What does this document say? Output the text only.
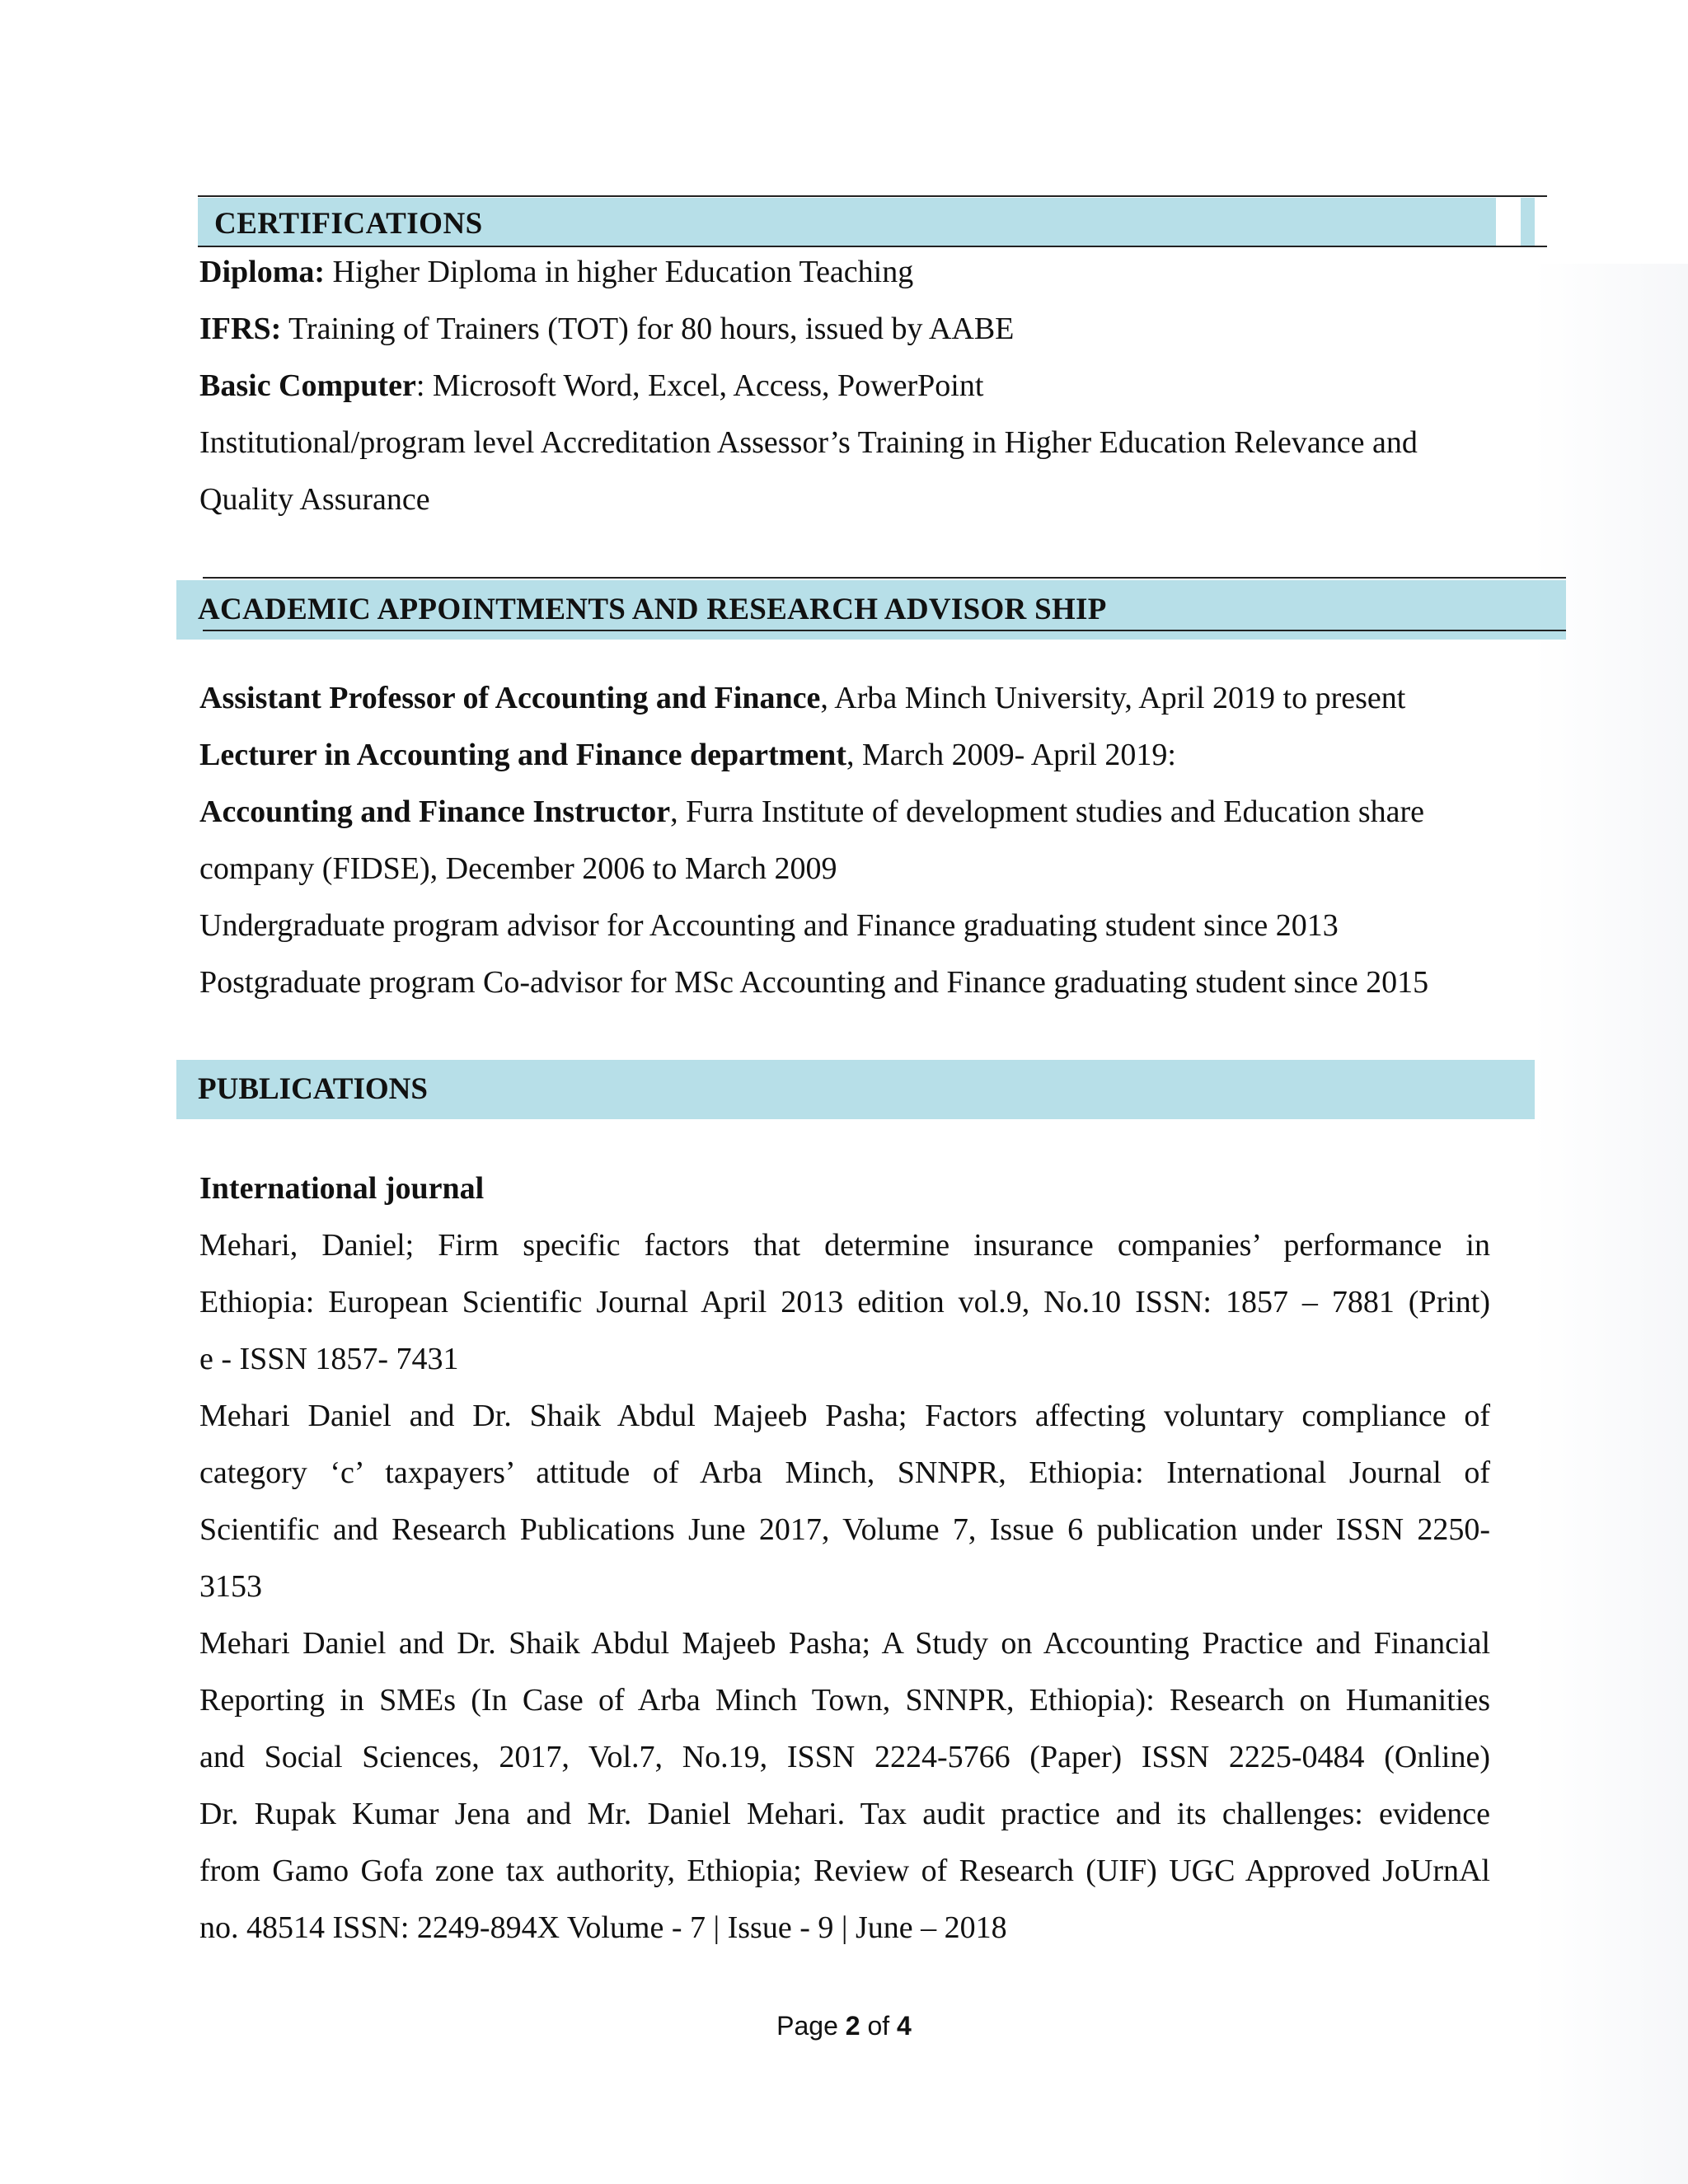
CERTIFICATIONS
Diploma: Higher Diploma in higher Education Teaching
IFRS: Training of Trainers (TOT) for 80 hours, issued by AABE
Basic Computer: Microsoft Word, Excel, Access, PowerPoint
Institutional/program level Accreditation Assessor’s Training in Higher Education Relevance and
Quality Assurance
ACADEMIC APPOINTMENTS AND RESEARCH ADVISOR SHIP
Assistant Professor of Accounting and Finance, Arba Minch University, April 2019 to present
Lecturer in Accounting and Finance department, March 2009- April 2019:
Accounting and Finance Instructor, Furra Institute of development studies and Education share
company (FIDSE), December 2006 to March 2009
Undergraduate program advisor for Accounting and Finance graduating student since 2013
Postgraduate program Co-advisor for MSc Accounting and Finance graduating student since 2015
PUBLICATIONS
International journal
Mehari, Daniel; Firm specific factors that determine insurance companies’ performance in
Ethiopia: European Scientific Journal April 2013 edition vol.9, No.10 ISSN: 1857 – 7881 (Print)
e - ISSN 1857- 7431
Mehari Daniel and Dr. Shaik Abdul Majeeb Pasha; Factors affecting voluntary compliance of
category ‘c’ taxpayers’ attitude of Arba Minch, SNNPR, Ethiopia: International Journal of
Scientific and Research Publications June 2017, Volume 7, Issue 6 publication under ISSN 2250-
3153
Mehari Daniel and Dr. Shaik Abdul Majeeb Pasha; A Study on Accounting Practice and Financial
Reporting in SMEs (In Case of Arba Minch Town, SNNPR, Ethiopia): Research on Humanities
and Social Sciences, 2017, Vol.7, No.19, ISSN 2224-5766 (Paper) ISSN 2225-0484 (Online)
Dr. Rupak Kumar Jena and Mr. Daniel Mehari. Tax audit practice and its challenges: evidence
from Gamo Gofa zone tax authority, Ethiopia; Review of Research (UIF) UGC Approved JoUrnAl
no. 48514 ISSN: 2249-894X Volume - 7 | Issue - 9 | June – 2018
Page 2 of 4
